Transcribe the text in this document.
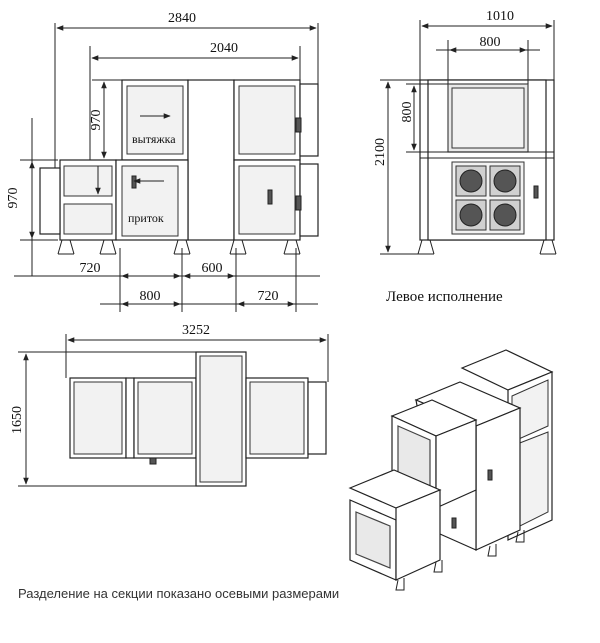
вытяжка
приток
2840
2040
970
970
720	600
800	720
1010
800
800
2100
Левое исполнение
3252
1650
Разделение на секции показано осевыми размерами
